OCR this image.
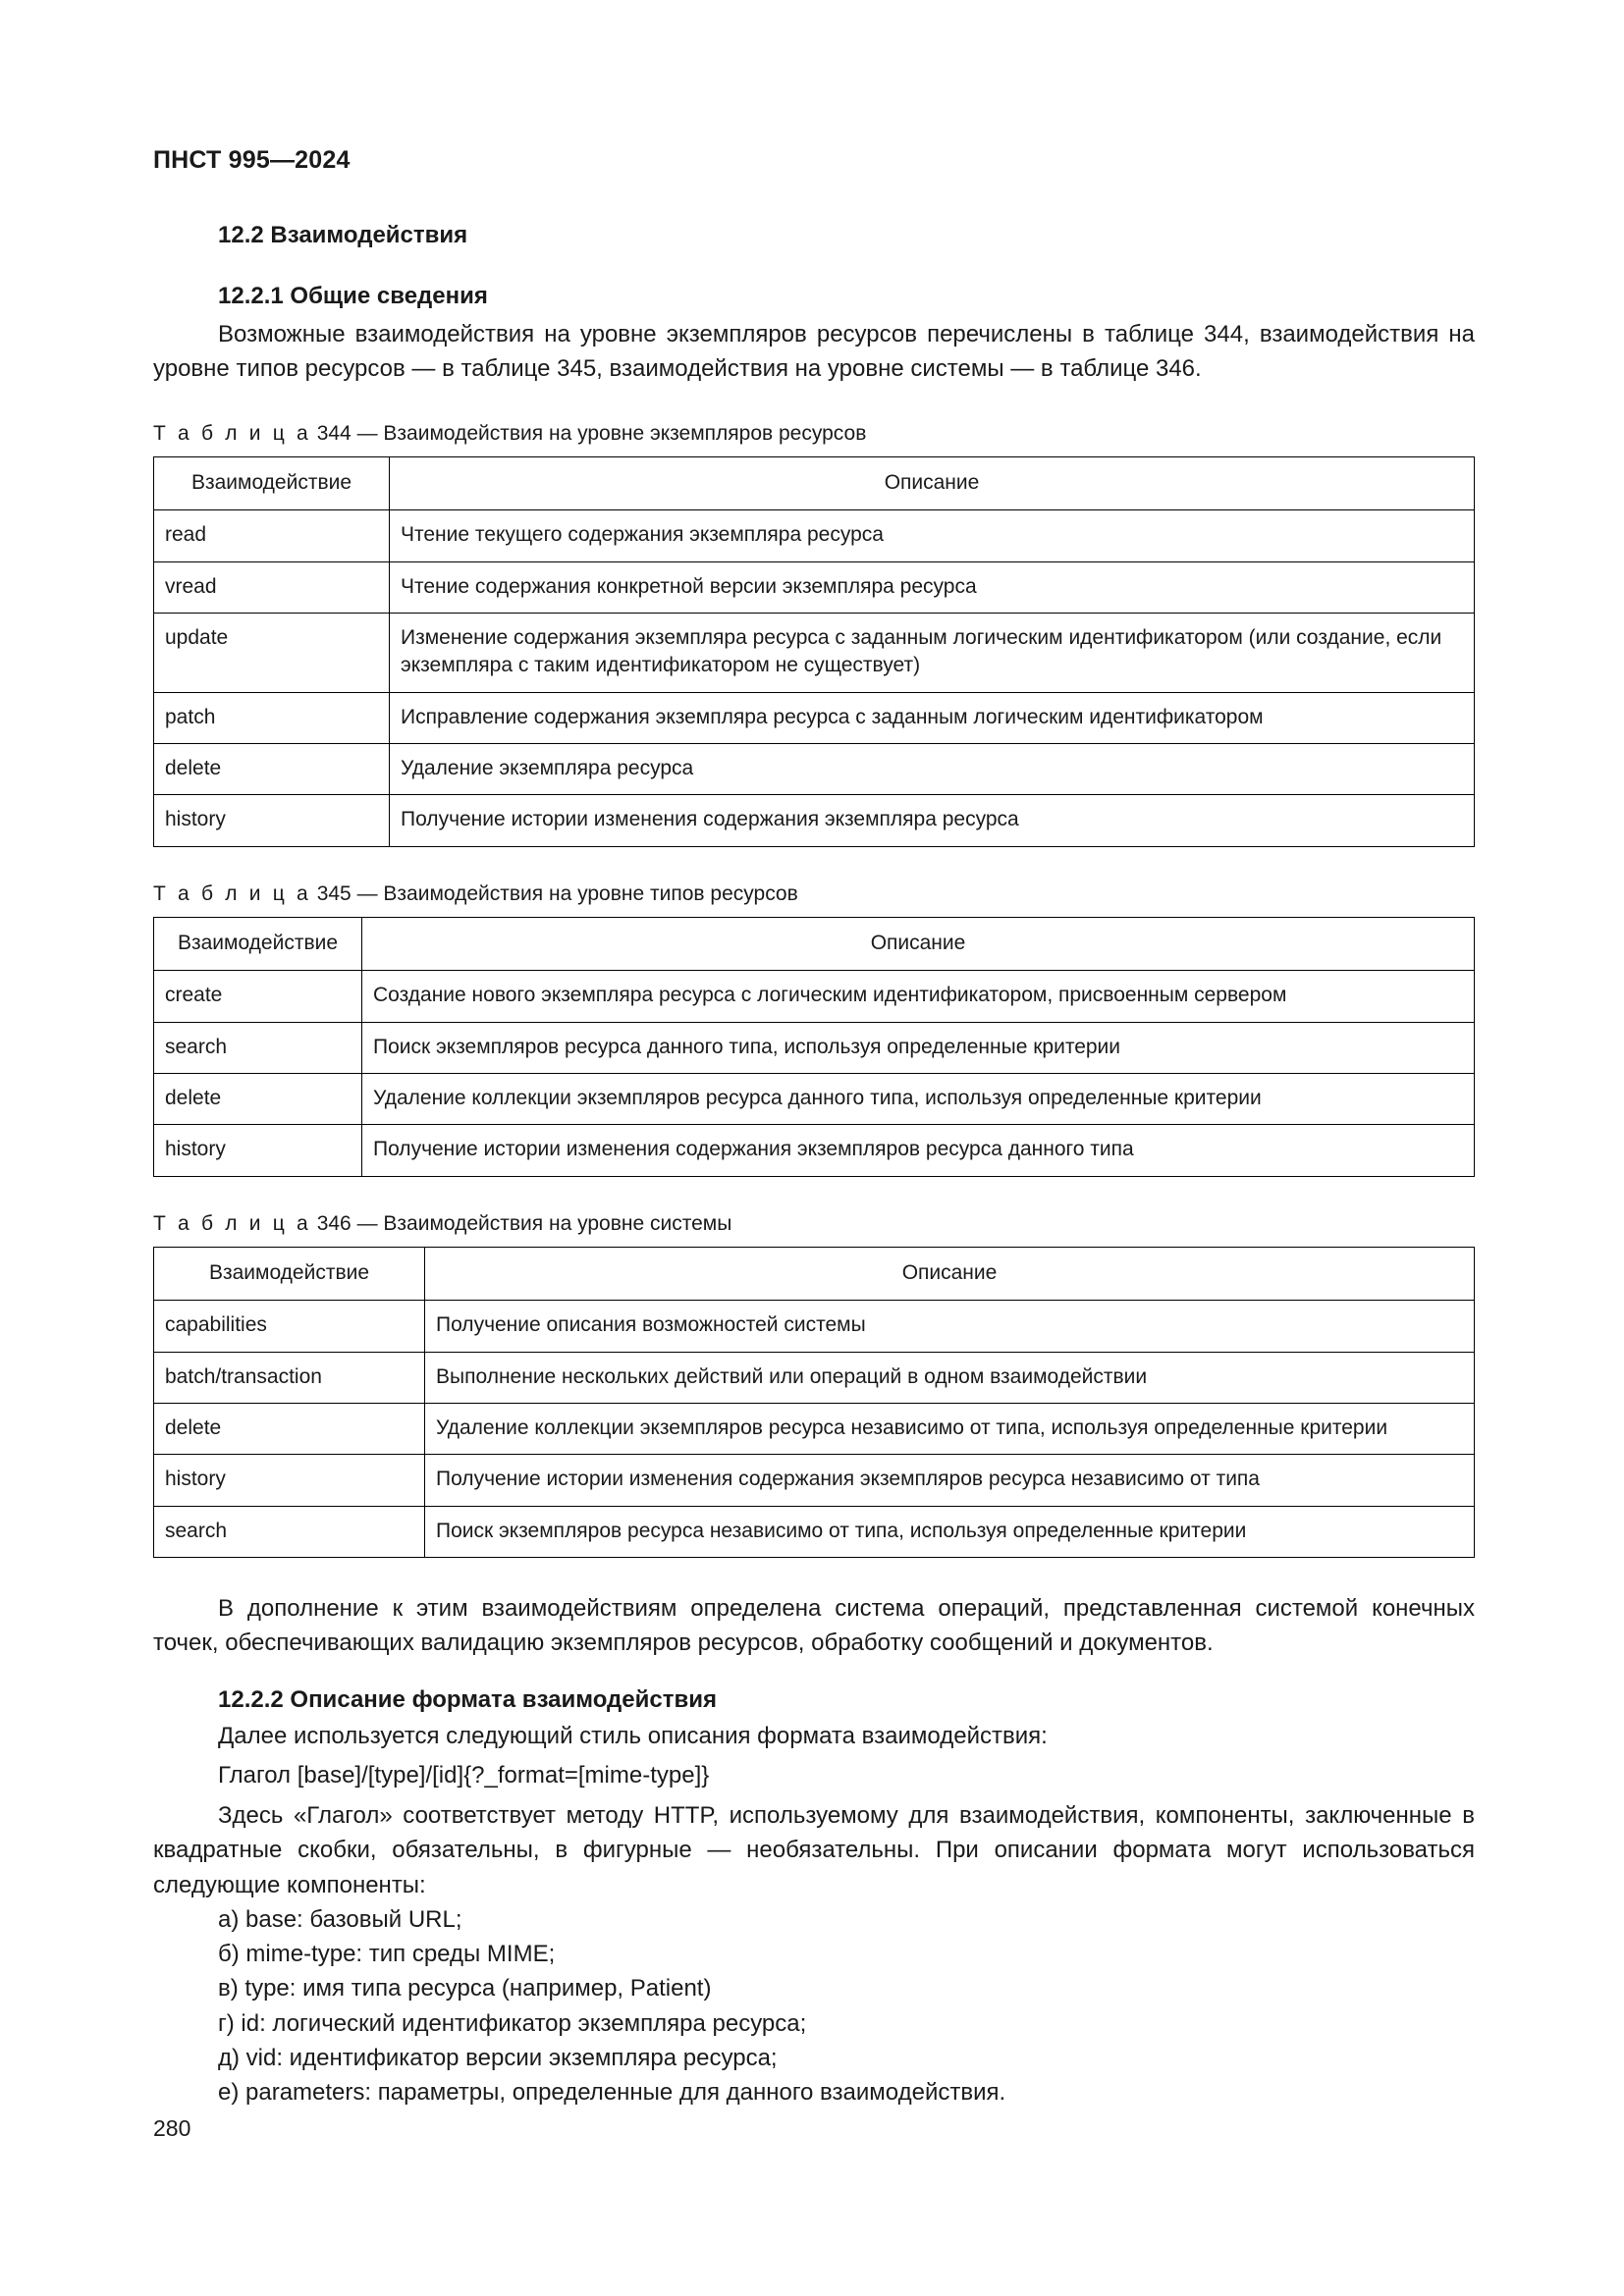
ПНСТ 995—2024
12.2 Взаимодействия
12.2.1 Общие сведения

Возможные взаимодействия на уровне экземпляров ресурсов перечислены в таблице 344, взаимодействия на уровне типов ресурсов — в таблице 345, взаимодействия на уровне системы — в таблице 346.

Т а б л и ц а 344 — Взаимодействия на уровне экземпляров ресурсов
Взаимодействие	Описание
read	Чтение текущего содержания экземпляра ресурса
vread	Чтение содержания конкретной версии экземпляра ресурса
update	Изменение содержания экземпляра ресурса с заданным логическим идентификатором (или создание, если экземпляра с таким идентификатором не существует)
patch	Исправление содержания экземпляра ресурса с заданным логическим идентификатором
delete	Удаление экземпляра ресурса
history	Получение истории изменения содержания экземпляра ресурса
Т а б л и ц а 345 — Взаимодействия на уровне типов ресурсов
Взаимодействие	Описание
create	Создание нового экземпляра ресурса с логическим идентификатором, присвоенным сервером
search	Поиск экземпляров ресурса данного типа, используя определенные критерии
delete	Удаление коллекции экземпляров ресурса данного типа, используя определенные критерии
history	Получение истории изменения содержания экземпляров ресурса данного типа
Т а б л и ц а 346 — Взаимодействия на уровне системы
Взаимодействие	Описание
capabilities	Получение описания возможностей системы
batch/transaction	Выполнение нескольких действий или операций в одном взаимодействии
delete	Удаление коллекции экземпляров ресурса независимо от типа, используя определенные критерии
history	Получение истории изменения содержания экземпляров ресурса независимо от типа
search	Поиск экземпляров ресурса независимо от типа, используя определенные критерии

В дополнение к этим взаимодействиям определена система операций, представленная системой конечных точек, обеспечивающих валидацию экземпляров ресурсов, обработку сообщений и документов.

12.2.2 Описание формата взаимодействия

Далее используется следующий стиль описания формата взаимодействия:

Глагол [base]/[type]/[id]{?_format=[mime-type]}

Здесь «Глагол» соответствует методу HTTP, используемому для взаимодействия, компоненты, заключенные в квадратные скобки, обязательны, в фигурные — необязательны. При описании формата могут использоваться следующие компоненты:

а) base: базовый URL;

б) mime-type: тип среды MIME;

в) type: имя типа ресурса (например, Patient)

г) id: логический идентификатор экземпляра ресурса;

д) vid: идентификатор версии экземпляра ресурса;

е) parameters: параметры, определенные для данного взаимодействия.

280
